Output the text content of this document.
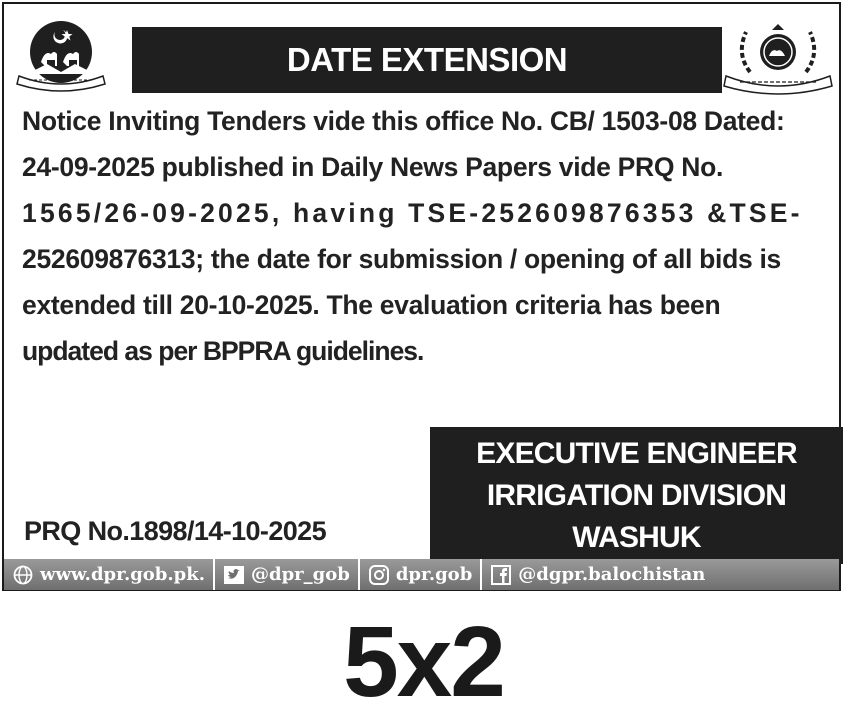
DATE EXTENSION
Notice Inviting Tenders vide this office No. CB/ 1503-08 Dated:
24-09-2025 published in Daily News Papers vide PRQ No.
1565/26-09-2025, having TSE-252609876353 &TSE-
252609876313; the date for submission / opening of all bids is
extended till 20-10-2025. The evaluation criteria has been
updated as per BPPRA guidelines.
PRQ No.1898/14-10-2025
EXECUTIVE ENGINEER
IRRIGATION DIVISION
WASHUK
www.dpr.gob.pk.	@dpr_gob	dpr.gob	@dgpr.balochistan
5x2
